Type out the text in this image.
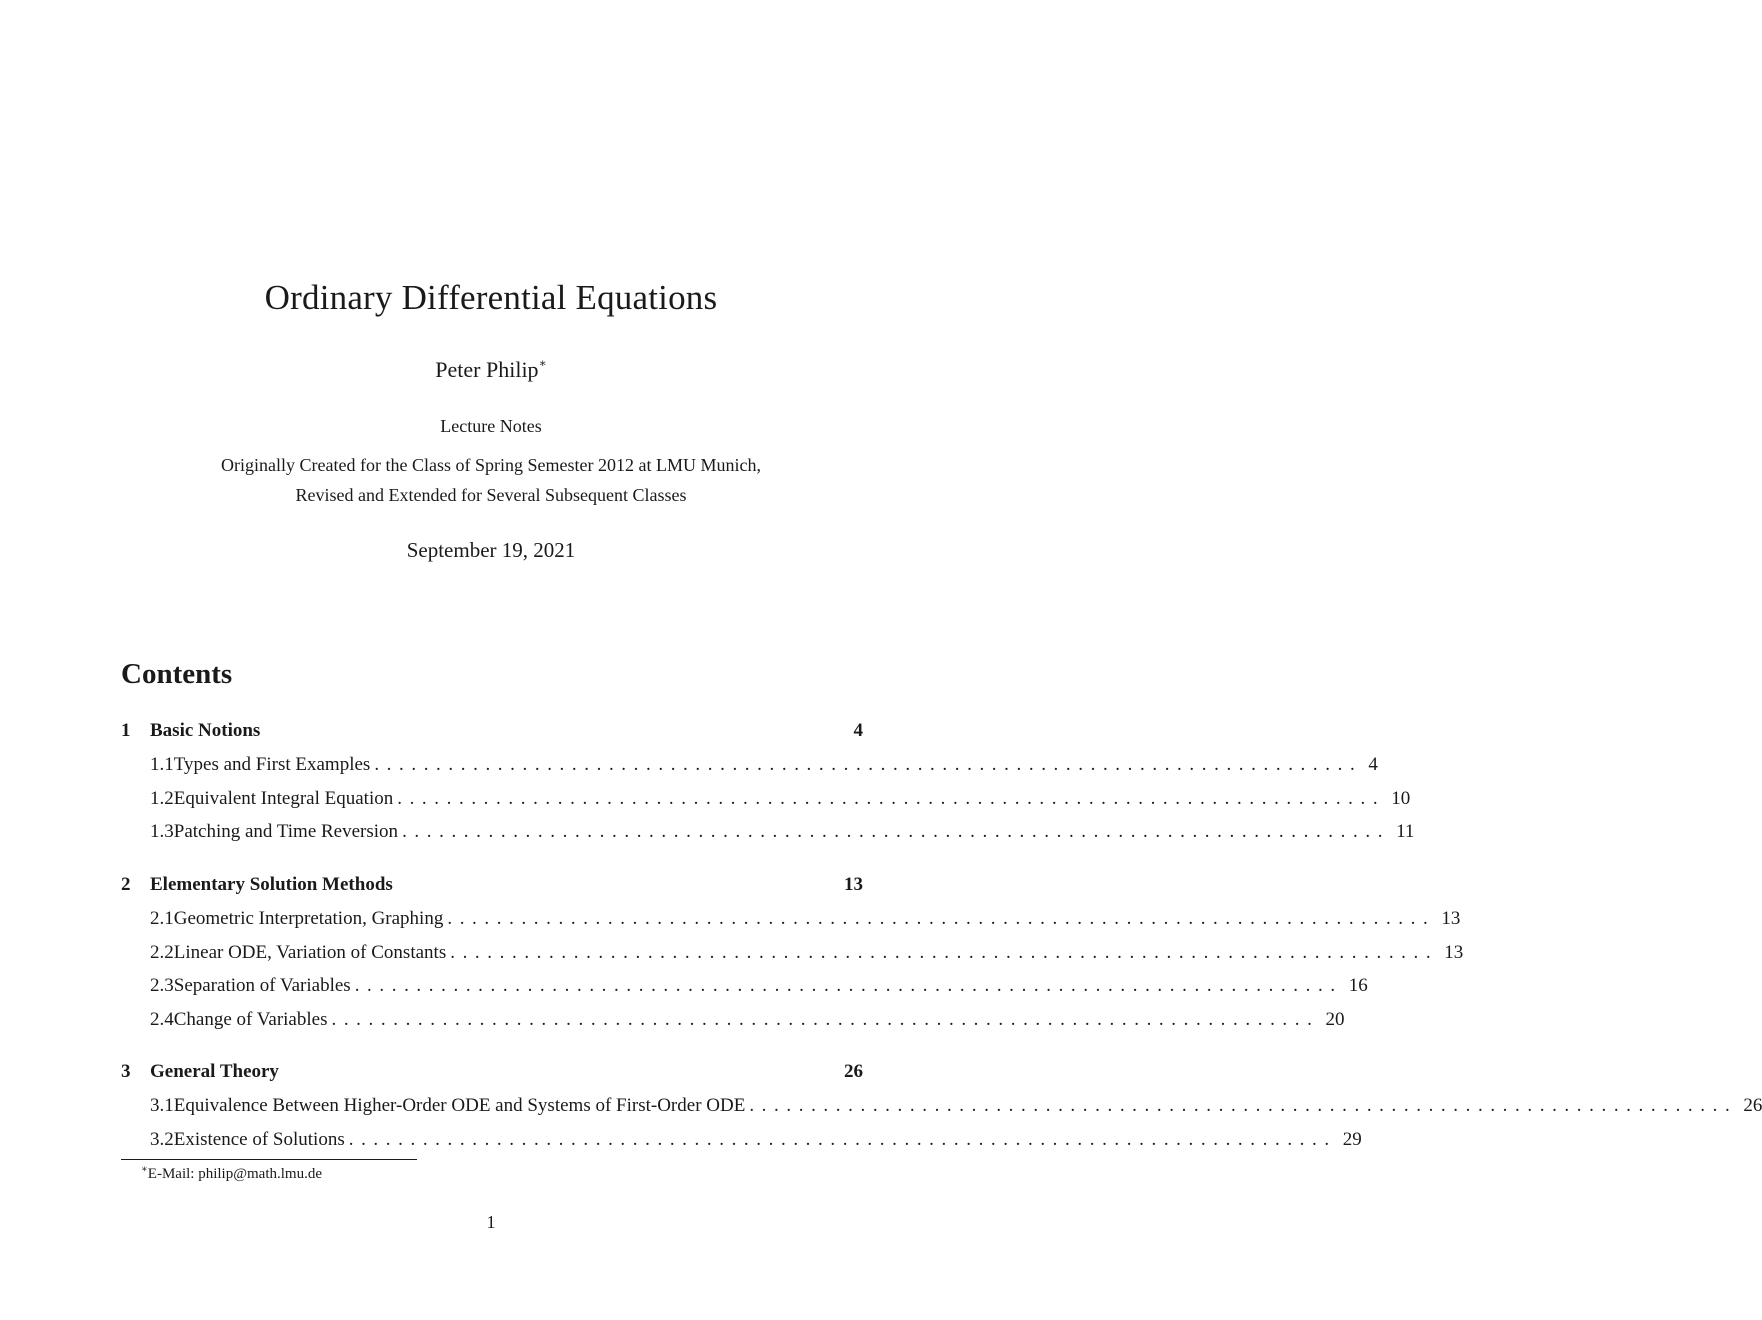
Ordinary Differential Equations
Peter Philip∗
Lecture Notes
Originally Created for the Class of Spring Semester 2012 at LMU Munich,
Revised and Extended for Several Subsequent Classes
September 19, 2021
Contents
1	Basic Notions	4
1.1 Types and First Examples ................................................................................ 4
1.2 Equivalent Integral Equation ................................................................................ 10
1.3 Patching and Time Reversion ................................................................................ 11
2	Elementary Solution Methods	13
2.1 Geometric Interpretation, Graphing ................................................................................ 13
2.2 Linear ODE, Variation of Constants ................................................................................ 13
2.3 Separation of Variables ................................................................................ 16
2.4 Change of Variables ................................................................................ 20
3	General Theory	26
3.1 Equivalence Between Higher-Order ODE and Systems of First-Order ODE ................................................................................ 26
3.2 Existence of Solutions ................................................................................ 29
∗E-Mail: philip@math.lmu.de
1
